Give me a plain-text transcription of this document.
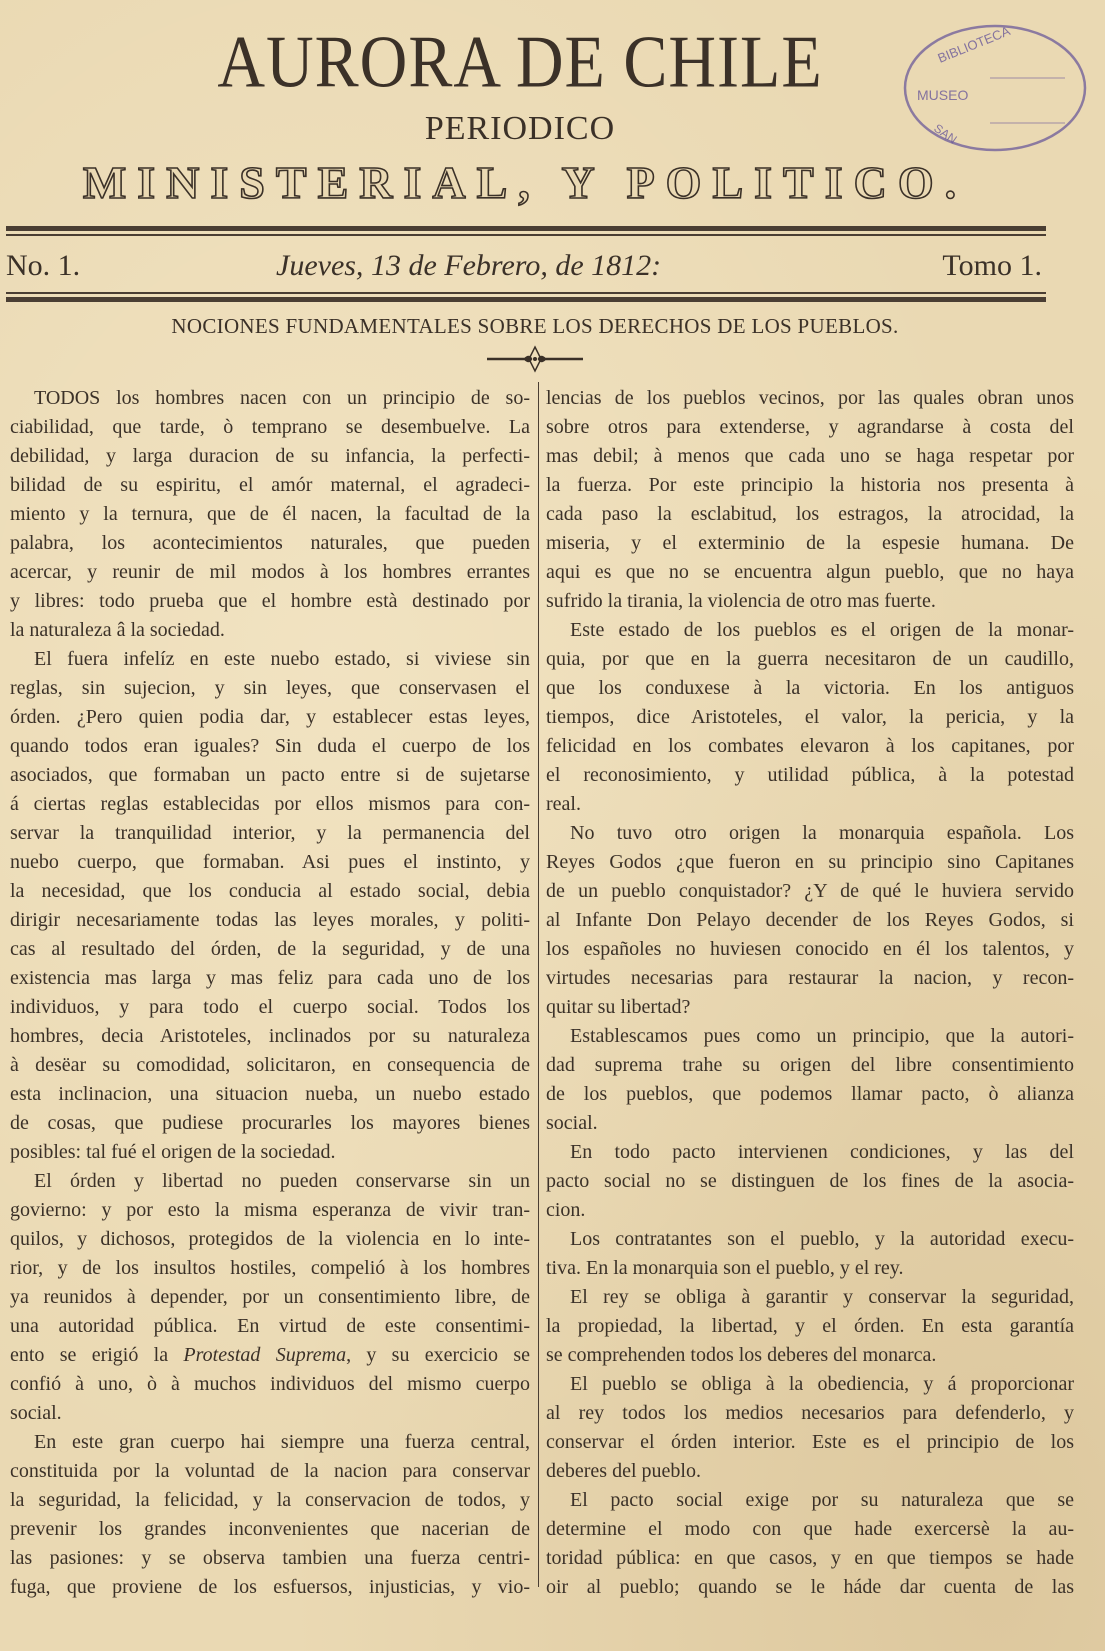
AURORA DE CHILE
PERIODICO
MINISTERIAL, Y POLITICO.
BIBLIOTECA
MUSEO
SAN
No. 1.	Jueves, 13 de Febrero, de 1812:	Tomo 1.
NOCIONES FUNDAMENTALES SOBRE LOS DERECHOS DE LOS PUEBLOS.
TODOS los hombres nacen con un principio de so-
ciabilidad, que tarde, ò temprano se desembuelve. La
debilidad, y larga duracion de su infancia, la perfecti-
bilidad de su espiritu, el amór maternal, el agradeci-
miento y la ternura, que de él nacen, la facultad de la
palabra, los acontecimientos naturales, que pueden
acercar, y reunir de mil modos à los hombres errantes
y libres: todo prueba que el hombre està destinado por
la naturaleza â la sociedad.
El fuera infelíz en este nuebo estado, si viviese sin
reglas, sin sujecion, y sin leyes, que conservasen el
órden. ¿Pero quien podia dar, y establecer estas leyes,
quando todos eran iguales? Sin duda el cuerpo de los
asociados, que formaban un pacto entre si de sujetarse
á ciertas reglas establecidas por ellos mismos para con-
servar la tranquilidad interior, y la permanencia del
nuebo cuerpo, que formaban. Asi pues el instinto, y
la necesidad, que los conducia al estado social, debia
dirigir necesariamente todas las leyes morales, y politi-
cas al resultado del órden, de la seguridad, y de una
existencia mas larga y mas feliz para cada uno de los
individuos, y para todo el cuerpo social. Todos los
hombres, decia Aristoteles, inclinados por su naturaleza
à desëar su comodidad, solicitaron, en consequencia de
esta inclinacion, una situacion nueba, un nuebo estado
de cosas, que pudiese procurarles los mayores bienes
posibles: tal fué el origen de la sociedad.
El órden y libertad no pueden conservarse sin un
govierno: y por esto la misma esperanza de vivir tran-
quilos, y dichosos, protegidos de la violencia en lo inte-
rior, y de los insultos hostiles, compelió à los hombres
ya reunidos à depender, por un consentimiento libre, de
una autoridad pública. En virtud de este consentimi-
ento se erigió la Protestad Suprema, y su exercicio se
confió à uno, ò à muchos individuos del mismo cuerpo
social.
En este gran cuerpo hai siempre una fuerza central,
constituida por la voluntad de la nacion para conservar
la seguridad, la felicidad, y la conservacion de todos, y
prevenir los grandes inconvenientes que nacerian de
las pasiones: y se observa tambien una fuerza centri-
fuga, que proviene de los esfuersos, injusticias, y vio-
lencias de los pueblos vecinos, por las quales obran unos
sobre otros para extenderse, y agrandarse à costa del
mas debil; à menos que cada uno se haga respetar por
la fuerza. Por este principio la historia nos presenta à
cada paso la esclabitud, los estragos, la atrocidad, la
miseria, y el exterminio de la espesie humana. De
aqui es que no se encuentra algun pueblo, que no haya
sufrido la tirania, la violencia de otro mas fuerte.
Este estado de los pueblos es el origen de la monar-
quia, por que en la guerra necesitaron de un caudillo,
que los conduxese à la victoria. En los antiguos
tiempos, dice Aristoteles, el valor, la pericia, y la
felicidad en los combates elevaron à los capitanes, por
el reconosimiento, y utilidad pública, à la potestad
real.
No tuvo otro origen la monarquia española. Los
Reyes Godos ¿que fueron en su principio sino Capitanes
de un pueblo conquistador? ¿Y de qué le huviera servido
al Infante Don Pelayo decender de los Reyes Godos, si
los españoles no huviesen conocido en él los talentos, y
virtudes necesarias para restaurar la nacion, y recon-
quitar su libertad?
Establescamos pues como un principio, que la autori-
dad suprema trahe su origen del libre consentimiento
de los pueblos, que podemos llamar pacto, ò alianza
social.
En todo pacto intervienen condiciones, y las del
pacto social no se distinguen de los fines de la asocia-
cion.
Los contratantes son el pueblo, y la autoridad execu-
tiva. En la monarquia son el pueblo, y el rey.
El rey se obliga à garantir y conservar la seguridad,
la propiedad, la libertad, y el órden. En esta garantía
se comprehenden todos los deberes del monarca.
El pueblo se obliga à la obediencia, y á proporcionar
al rey todos los medios necesarios para defenderlo, y
conservar el órden interior. Este es el principio de los
deberes del pueblo.
El pacto social exige por su naturaleza que se
determine el modo con que hade exercersè la au-
toridad pública: en que casos, y en que tiempos se hade
oir al pueblo; quando se le háde dar cuenta de las
